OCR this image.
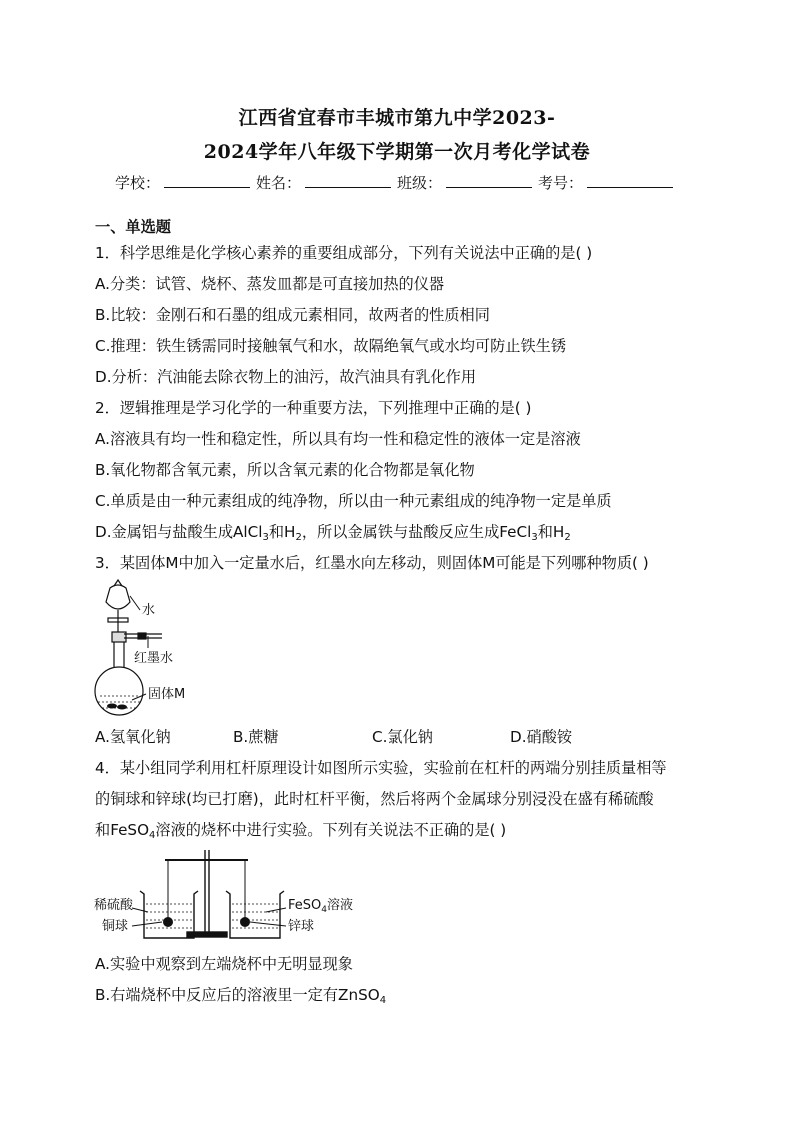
江西省宜春市丰城市第九中学2023-
2024学年八年级下学期第一次月考化学试卷
学校：	姓名：	班级：	考号：
一、单选题
1．科学思维是化学核心素养的重要组成部分，下列有关说法中正确的是( )
A.分类：试管、烧杯、蒸发皿都是可直接加热的仪器
B.比较：金刚石和石墨的组成元素相同，故两者的性质相同
C.推理：铁生锈需同时接触氧气和水，故隔绝氧气或水均可防止铁生锈
D.分析：汽油能去除衣物上的油污，故汽油具有乳化作用
2．逻辑推理是学习化学的一种重要方法，下列推理中正确的是( )
A.溶液具有均一性和稳定性，所以具有均一性和稳定性的液体一定是溶液
B.氧化物都含氧元素，所以含氧元素的化合物都是氧化物
C.单质是由一种元素组成的纯净物，所以由一种元素组成的纯净物一定是单质
D.金属铝与盐酸生成AlCl$_3$和$H_2$，所以金属铁与盐酸反应生成FeCl$_3$和$H_2$
3．某固体M中加入一定量水后，红墨水向左移动，则固体M可能是下列哪种物质( )
水
红墨水
固体M
A.氢氧化钠	B.蔗糖	C.氯化钠	D.硝酸铵
4．某小组同学利用杠杆原理设计如图所示实验，实验前在杠杆的两端分别挂质量相等
的铜球和锌球(均已打磨)，此时杠杆平衡，然后将两个金属球分别浸没在盛有稀硫酸
和FeSO$_4$溶液的烧杯中进行实验。下列有关说法不正确的是( )
稀硫酸
铜球
FeSO$_4$溶液
锌球
A.实验中观察到左端烧杯中无明显现象
B.右端烧杯中反应后的溶液里一定有ZnSO$_4$
